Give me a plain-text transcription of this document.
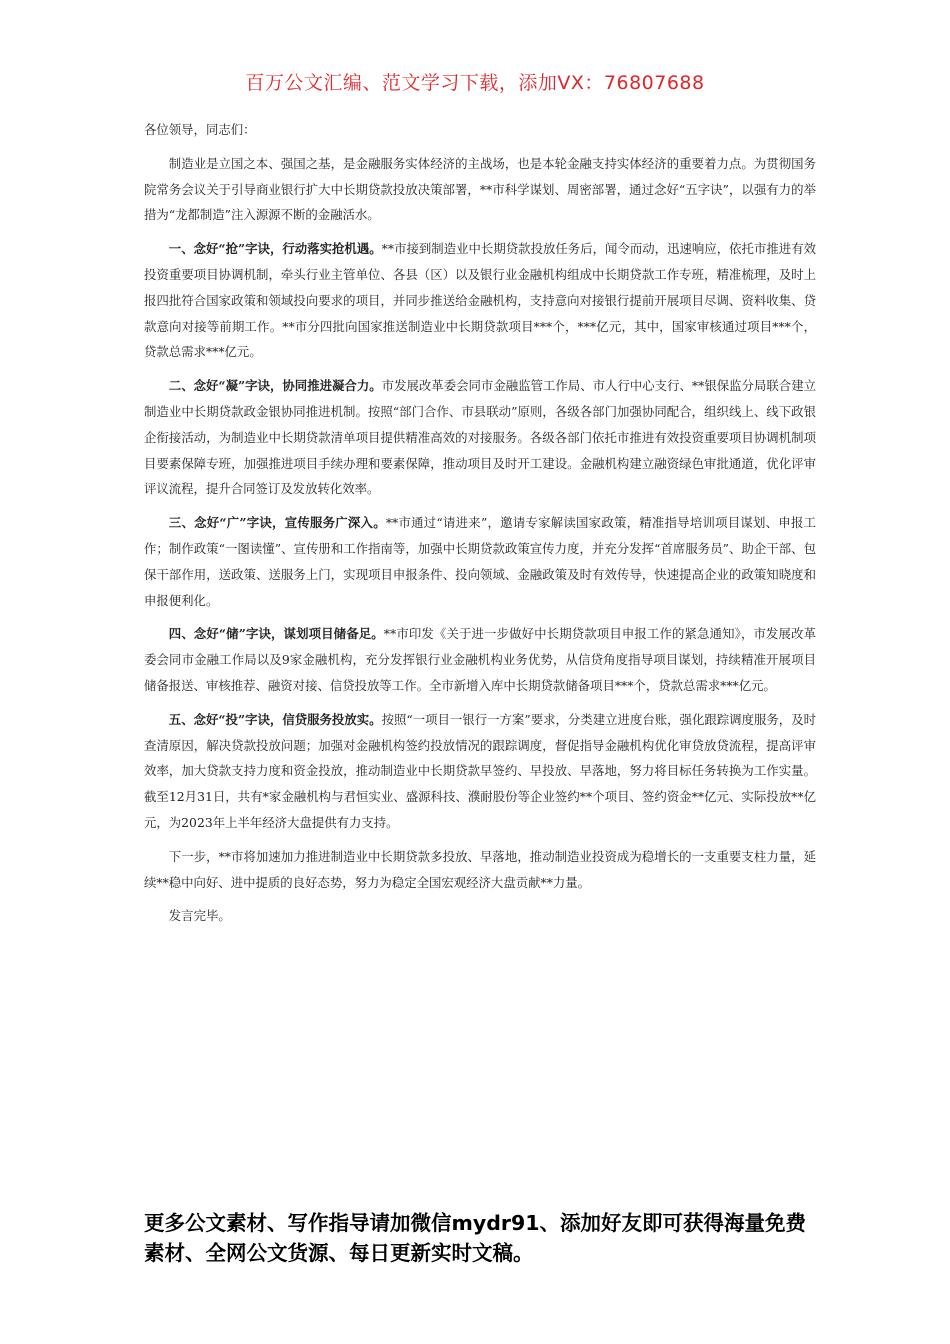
百万公文汇编、范文学习下载，添加VX：76807688

各位领导，同志们：

制造业是立国之本、强国之基，是金融服务实体经济的主战场，也是本轮金融支持实体经济的重要着力点。为贯彻国务院常务会议关于引导商业银行扩大中长期贷款投放决策部署，**市科学谋划、周密部署，通过念好“五字诀”，以强有力的举措为“龙都制造”注入源源不断的金融活水。

一、念好“抢”字诀，行动落实抢机遇。**市接到制造业中长期贷款投放任务后，闻令而动，迅速响应，依托市推进有效投资重要项目协调机制，牵头行业主管单位、各县（区）以及银行业金融机构组成中长期贷款工作专班，精准梳理，及时上报四批符合国家政策和领域投向要求的项目，并同步推送给金融机构，支持意向对接银行提前开展项目尽调、资料收集、贷款意向对接等前期工作。**市分四批向国家推送制造业中长期贷款项目***个，***亿元，其中，国家审核通过项目***个，贷款总需求***亿元。

二、念好“凝”字诀，协同推进凝合力。市发展改革委会同市金融监管工作局、市人行中心支行、**银保监分局联合建立制造业中长期贷款政金银协同推进机制。按照“部门合作、市县联动”原则，各级各部门加强协同配合，组织线上、线下政银企衔接活动，为制造业中长期贷款清单项目提供精准高效的对接服务。各级各部门依托市推进有效投资重要项目协调机制项目要素保障专班，加强推进项目手续办理和要素保障，推动项目及时开工建设。金融机构建立融资绿色审批通道，优化评审评议流程，提升合同签订及发放转化效率。

三、念好“广”字诀，宣传服务广深入。**市通过“请进来”，邀请专家解读国家政策，精准指导培训项目谋划、申报工作；制作政策“一图读懂”、宣传册和工作指南等，加强中长期贷款政策宣传力度，并充分发挥“首席服务员”、助企干部、包保干部作用，送政策、送服务上门，实现项目申报条件、投向领域、金融政策及时有效传导，快速提高企业的政策知晓度和申报便利化。

四、念好“储”字诀，谋划项目储备足。**市印发《关于进一步做好中长期贷款项目申报工作的紧急通知》，市发展改革委会同市金融工作局以及9家金融机构，充分发挥银行业金融机构业务优势，从信贷角度指导项目谋划，持续精准开展项目储备报送、审核推荐、融资对接、信贷投放等工作。全市新增入库中长期贷款储备项目***个，贷款总需求***亿元。

五、念好“投”字诀，信贷服务投放实。按照“一项目一银行一方案”要求，分类建立进度台账，强化跟踪调度服务，及时查清原因，解决贷款投放问题；加强对金融机构签约投放情况的跟踪调度，督促指导金融机构优化审贷放贷流程，提高评审效率，加大贷款支持力度和资金投放，推动制造业中长期贷款早签约、早投放、早落地，努力将目标任务转换为工作实量。截至12月31日，共有*家金融机构与君恒实业、盛源科技、濮耐股份等企业签约**个项目、签约资金**亿元、实际投放**亿元，为2023年上半年经济大盘提供有力支持。

下一步，**市将加速加力推进制造业中长期贷款多投放、早落地，推动制造业投资成为稳增长的一支重要支柱力量，延续**稳中向好、进中提质的良好态势，努力为稳定全国宏观经济大盘贡献**力量。

发言完毕。

更多公文素材、写作指导请加微信mydr91、添加好友即可获得海量免费素材、全网公文货源、每日更新实时文稿。
